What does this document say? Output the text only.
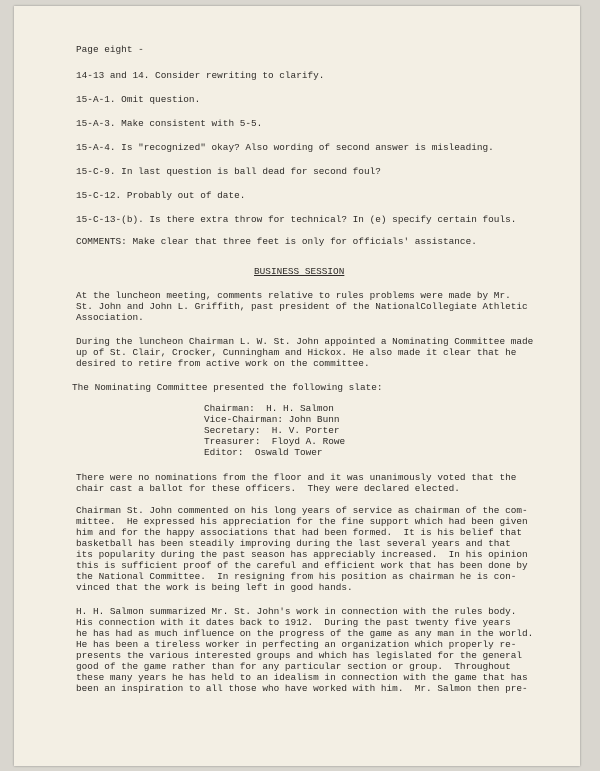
Page eight -
14-13 and 14. Consider rewriting to clarify.
15-A-1. Omit question.
15-A-3. Make consistent with 5-5.
15-A-4. Is "recognized" okay? Also wording of second answer is misleading.
15-C-9. In last question is ball dead for second foul?
15-C-12. Probably out of date.
15-C-13-(b). Is there extra throw for technical? In (e) specify certain fouls.
COMMENTS: Make clear that three feet is only for officials' assistance.
BUSINESS SESSION
At the luncheon meeting, comments relative to rules problems were made by Mr.
St. John and John L. Griffith, past president of the NationalCollegiate Athletic
Association.
During the luncheon Chairman L. W. St. John appointed a Nominating Committee made
up of St. Clair, Crocker, Cunningham and Hickox. He also made it clear that he
desired to retire from active work on the committee.
The Nominating Committee presented the following slate:
Chairman:  H. H. Salmon
Vice-Chairman: John Bunn
Secretary:  H. V. Porter
Treasurer:  Floyd A. Rowe
Editor:  Oswald Tower
There were no nominations from the floor and it was unanimously voted that the
chair cast a ballot for these officers.  They were declared elected.
Chairman St. John commented on his long years of service as chairman of the com-
mittee.  He expressed his appreciation for the fine support which had been given
him and for the happy associations that had been formed.  It is his belief that
basketball has been steadily improving during the last several years and that
its popularity during the past season has appreciably increased.  In his opinion
this is sufficient proof of the careful and efficient work that has been done by
the National Committee.  In resigning from his position as chairman he is con-
vinced that the work is being left in good hands.
H. H. Salmon summarized Mr. St. John's work in connection with the rules body.
His connection with it dates back to 1912.  During the past twenty five years
he has had as much influence on the progress of the game as any man in the world.
He has been a tireless worker in perfecting an organization which properly re-
presents the various interested groups and which has legislated for the general
good of the game rather than for any particular section or group.  Throughout
these many years he has held to an idealism in connection with the game that has
been an inspiration to all those who have worked with him.  Mr. Salmon then pre-
